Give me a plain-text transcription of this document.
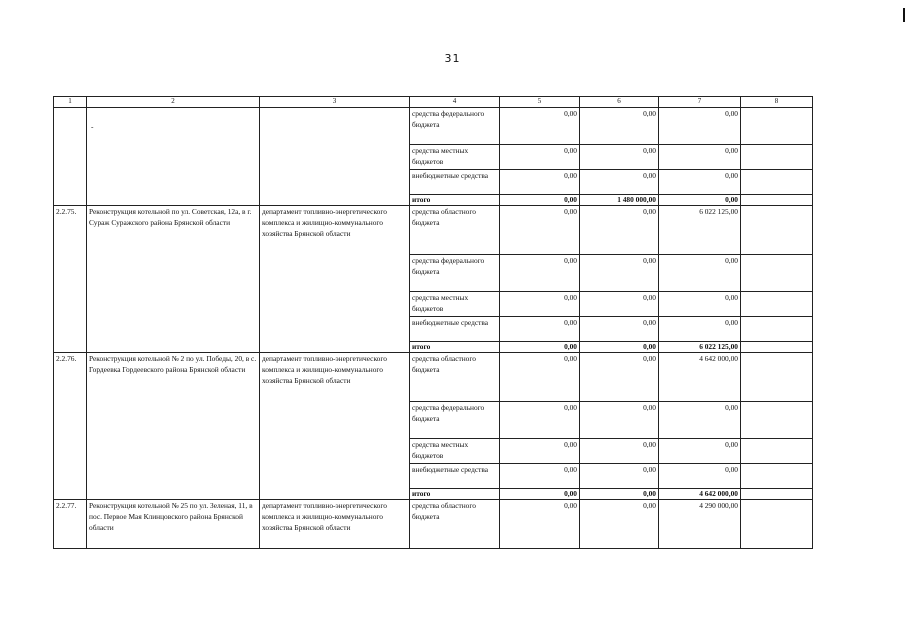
31
1	2	3	4	5	6	7	8

-		средства федерального бюджета	0,00	0,00	0,00	
			средства местных бюджетов	0,00	0,00	0,00	
			внебюджетные средства	0,00	0,00	0,00	
			итого	0,00	1 480 000,00	0,00	
2.2.75.	Реконструкция котельной по ул. Советская, 12а, в г. Сураж Суражского района Брянской области	департамент топливно-энергетического комплекса и жилищно-коммунального хозяйства Брянской области	средства областного бюджета	0,00	0,00	6 022 125,00	
			средства федерального бюджета	0,00	0,00	0,00	
			средства местных бюджетов	0,00	0,00	0,00	
			внебюджетные средства	0,00	0,00	0,00	
			итого	0,00	0,00	6 022 125,00	
2.2.76.	Реконструкция котельной № 2 по ул. Победы, 20, в с. Гордеевка Гордеевского района Брянской области	департамент топливно-энергетического комплекса и жилищно-коммунального хозяйства Брянской области	средства областного бюджета	0,00	0,00	4 642 000,00	
			средства федерального бюджета	0,00	0,00	0,00	
			средства местных бюджетов	0,00	0,00	0,00	
			внебюджетные средства	0,00	0,00	0,00	
			итого	0,00	0,00	4 642 000,00	
2.2.77.	Реконструкция котельной № 25 по ул. Зеленая, 11, в пос. Первое Мая Клинцовского района Брянской области	департамент топливно-энергетического комплекса и жилищно-коммунального хозяйства Брянской области	средства областного бюджета	0,00	0,00	4 290 000,00	
